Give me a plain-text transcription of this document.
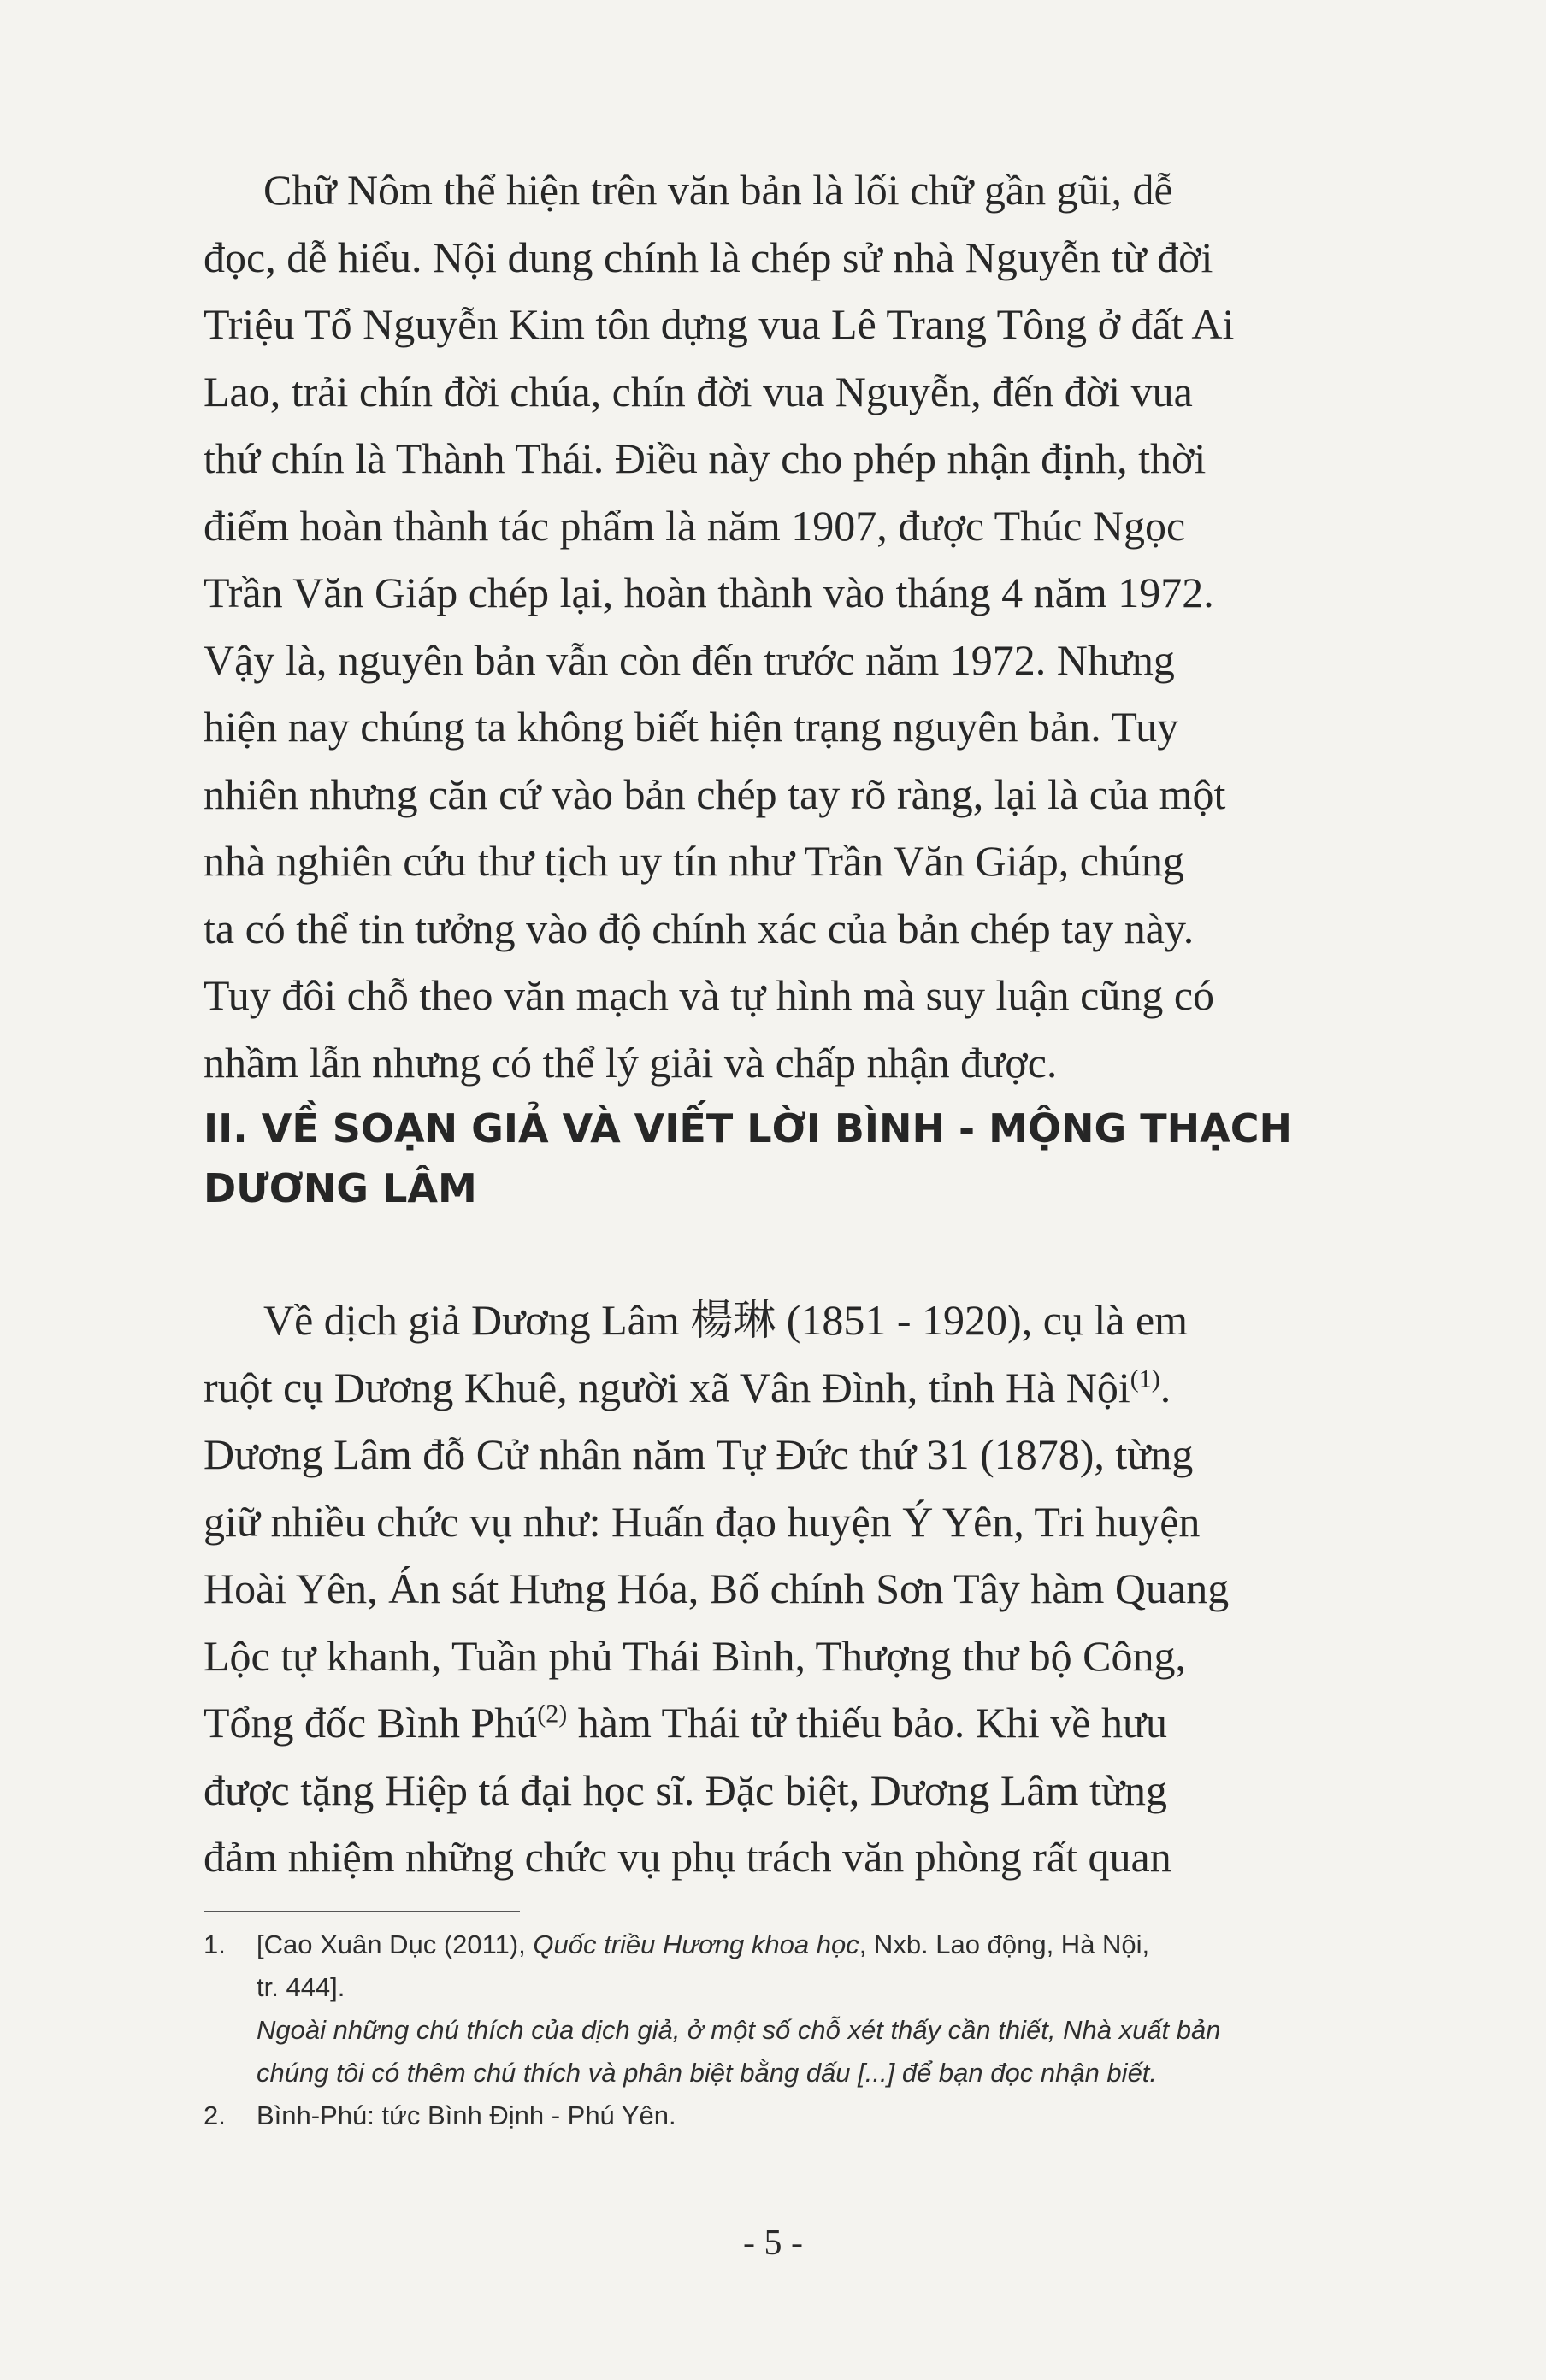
Chữ Nôm thể hiện trên văn bản là lối chữ gần gũi, dễ
đọc, dễ hiểu. Nội dung chính là chép sử nhà Nguyễn từ đời
Triệu Tổ Nguyễn Kim tôn dựng vua Lê Trang Tông ở đất Ai
Lao, trải chín đời chúa, chín đời vua Nguyễn, đến đời vua
thứ chín là Thành Thái. Điều này cho phép nhận định, thời
điểm hoàn thành tác phẩm là năm 1907, được Thúc Ngọc
Trần Văn Giáp chép lại, hoàn thành vào tháng 4 năm 1972.
Vậy là, nguyên bản vẫn còn đến trước năm 1972. Nhưng
hiện nay chúng ta không biết hiện trạng nguyên bản. Tuy
nhiên nhưng căn cứ vào bản chép tay rõ ràng, lại là của một
nhà nghiên cứu thư tịch uy tín như Trần Văn Giáp, chúng
ta có thể tin tưởng vào độ chính xác của bản chép tay này.
Tuy đôi chỗ theo văn mạch và tự hình mà suy luận cũng có
nhầm lẫn nhưng có thể lý giải và chấp nhận được.
II. VỀ SOẠN GIẢ VÀ VIẾT LỜI BÌNH - MỘNG THẠCH
DƯƠNG LÂM
Về dịch giả Dương Lâm 楊琳 (1851 - 1920), cụ là em
ruột cụ Dương Khuê, người xã Vân Đình, tỉnh Hà Nội$^{(1)}$.
Dương Lâm đỗ Cử nhân năm Tự Đức thứ 31 (1878), từng
giữ nhiều chức vụ như: Huấn đạo huyện Ý Yên, Tri huyện
Hoài Yên, Án sát Hưng Hóa, Bố chính Sơn Tây hàm Quang
Lộc tự khanh, Tuần phủ Thái Bình, Thượng thư bộ Công,
Tổng đốc Bình Phú$^{(2)}$ hàm Thái tử thiếu bảo. Khi về hưu
được tặng Hiệp tá đại học sĩ. Đặc biệt, Dương Lâm từng
đảm nhiệm những chức vụ phụ trách văn phòng rất quan
1. [Cao Xuân Dục (2011), Quốc triều Hương khoa học, Nxb. Lao động, Hà Nội,
tr. 444].
Ngoài những chú thích của dịch giả, ở một số chỗ xét thấy cần thiết, Nhà xuất bản
chúng tôi có thêm chú thích và phân biệt bằng dấu [...] để bạn đọc nhận biết.
2. Bình-Phú: tức Bình Định - Phú Yên.
- 5 -
